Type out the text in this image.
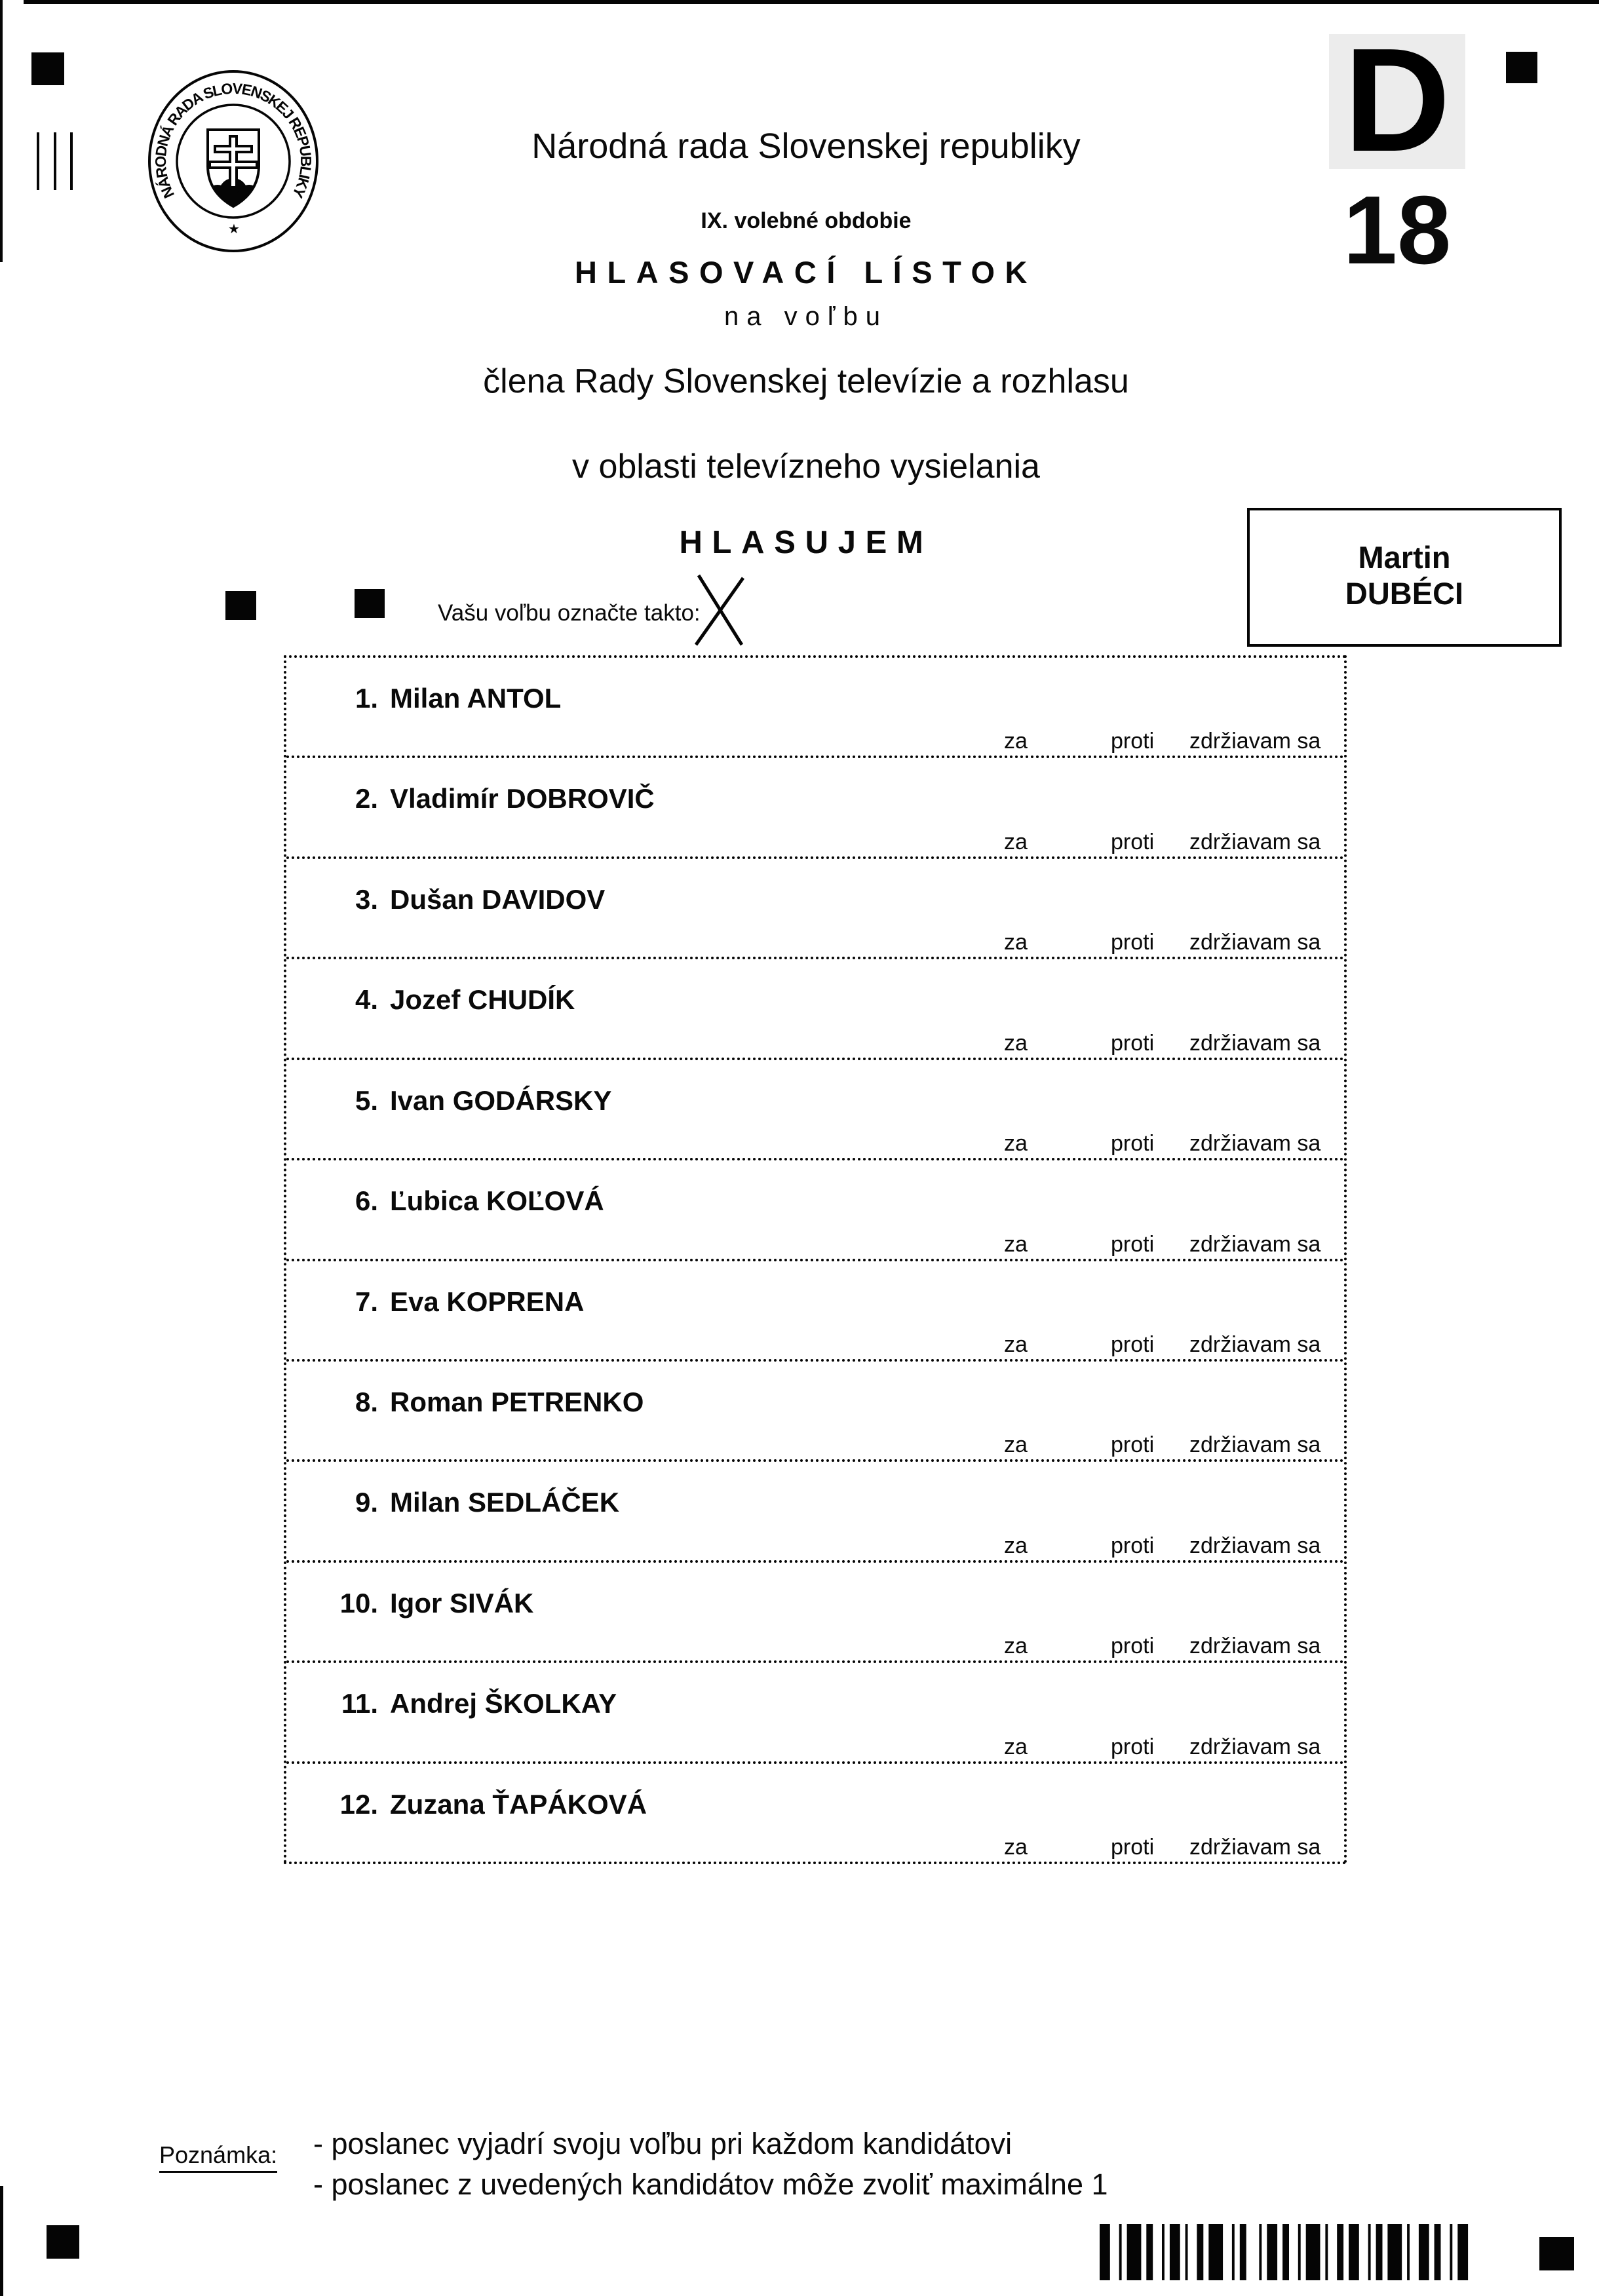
NÁRODNÁ RADA SLOVENSKEJ REPUBLIKY
★
Národná rada Slovenskej republiky
IX. volebné obdobie
HLASOVACÍ LÍSTOK
na voľbu
člena Rady Slovenskej televízie a rozhlasu
v oblasti televízneho vysielania
HLASUJEM
D
18
Martin
DUBÉCI
Vašu voľbu označte takto:
1. Milan ANTOL
za	proti zdržiavam sa
2. Vladimír DOBROVIČ
za	proti zdržiavam sa
3. Dušan DAVIDOV
za	proti zdržiavam sa
4. Jozef CHUDÍK
za	proti zdržiavam sa
5. Ivan GODÁRSKY
za	proti zdržiavam sa
6. Ľubica KOĽOVÁ
za	proti zdržiavam sa
7. Eva KOPRENA
za	proti zdržiavam sa
8. Roman PETRENKO
za	proti zdržiavam sa
9. Milan SEDLÁČEK
za	proti zdržiavam sa
10. Igor SIVÁK
za	proti zdržiavam sa
11. Andrej ŠKOLKAY
za	proti zdržiavam sa
12. Zuzana ŤAPÁKOVÁ
za	proti zdržiavam sa
Poznámka: - poslanec vyjadrí svoju voľbu pri každom kandidátovi
- poslanec z uvedených kandidátov môže zvoliť maximálne 1
